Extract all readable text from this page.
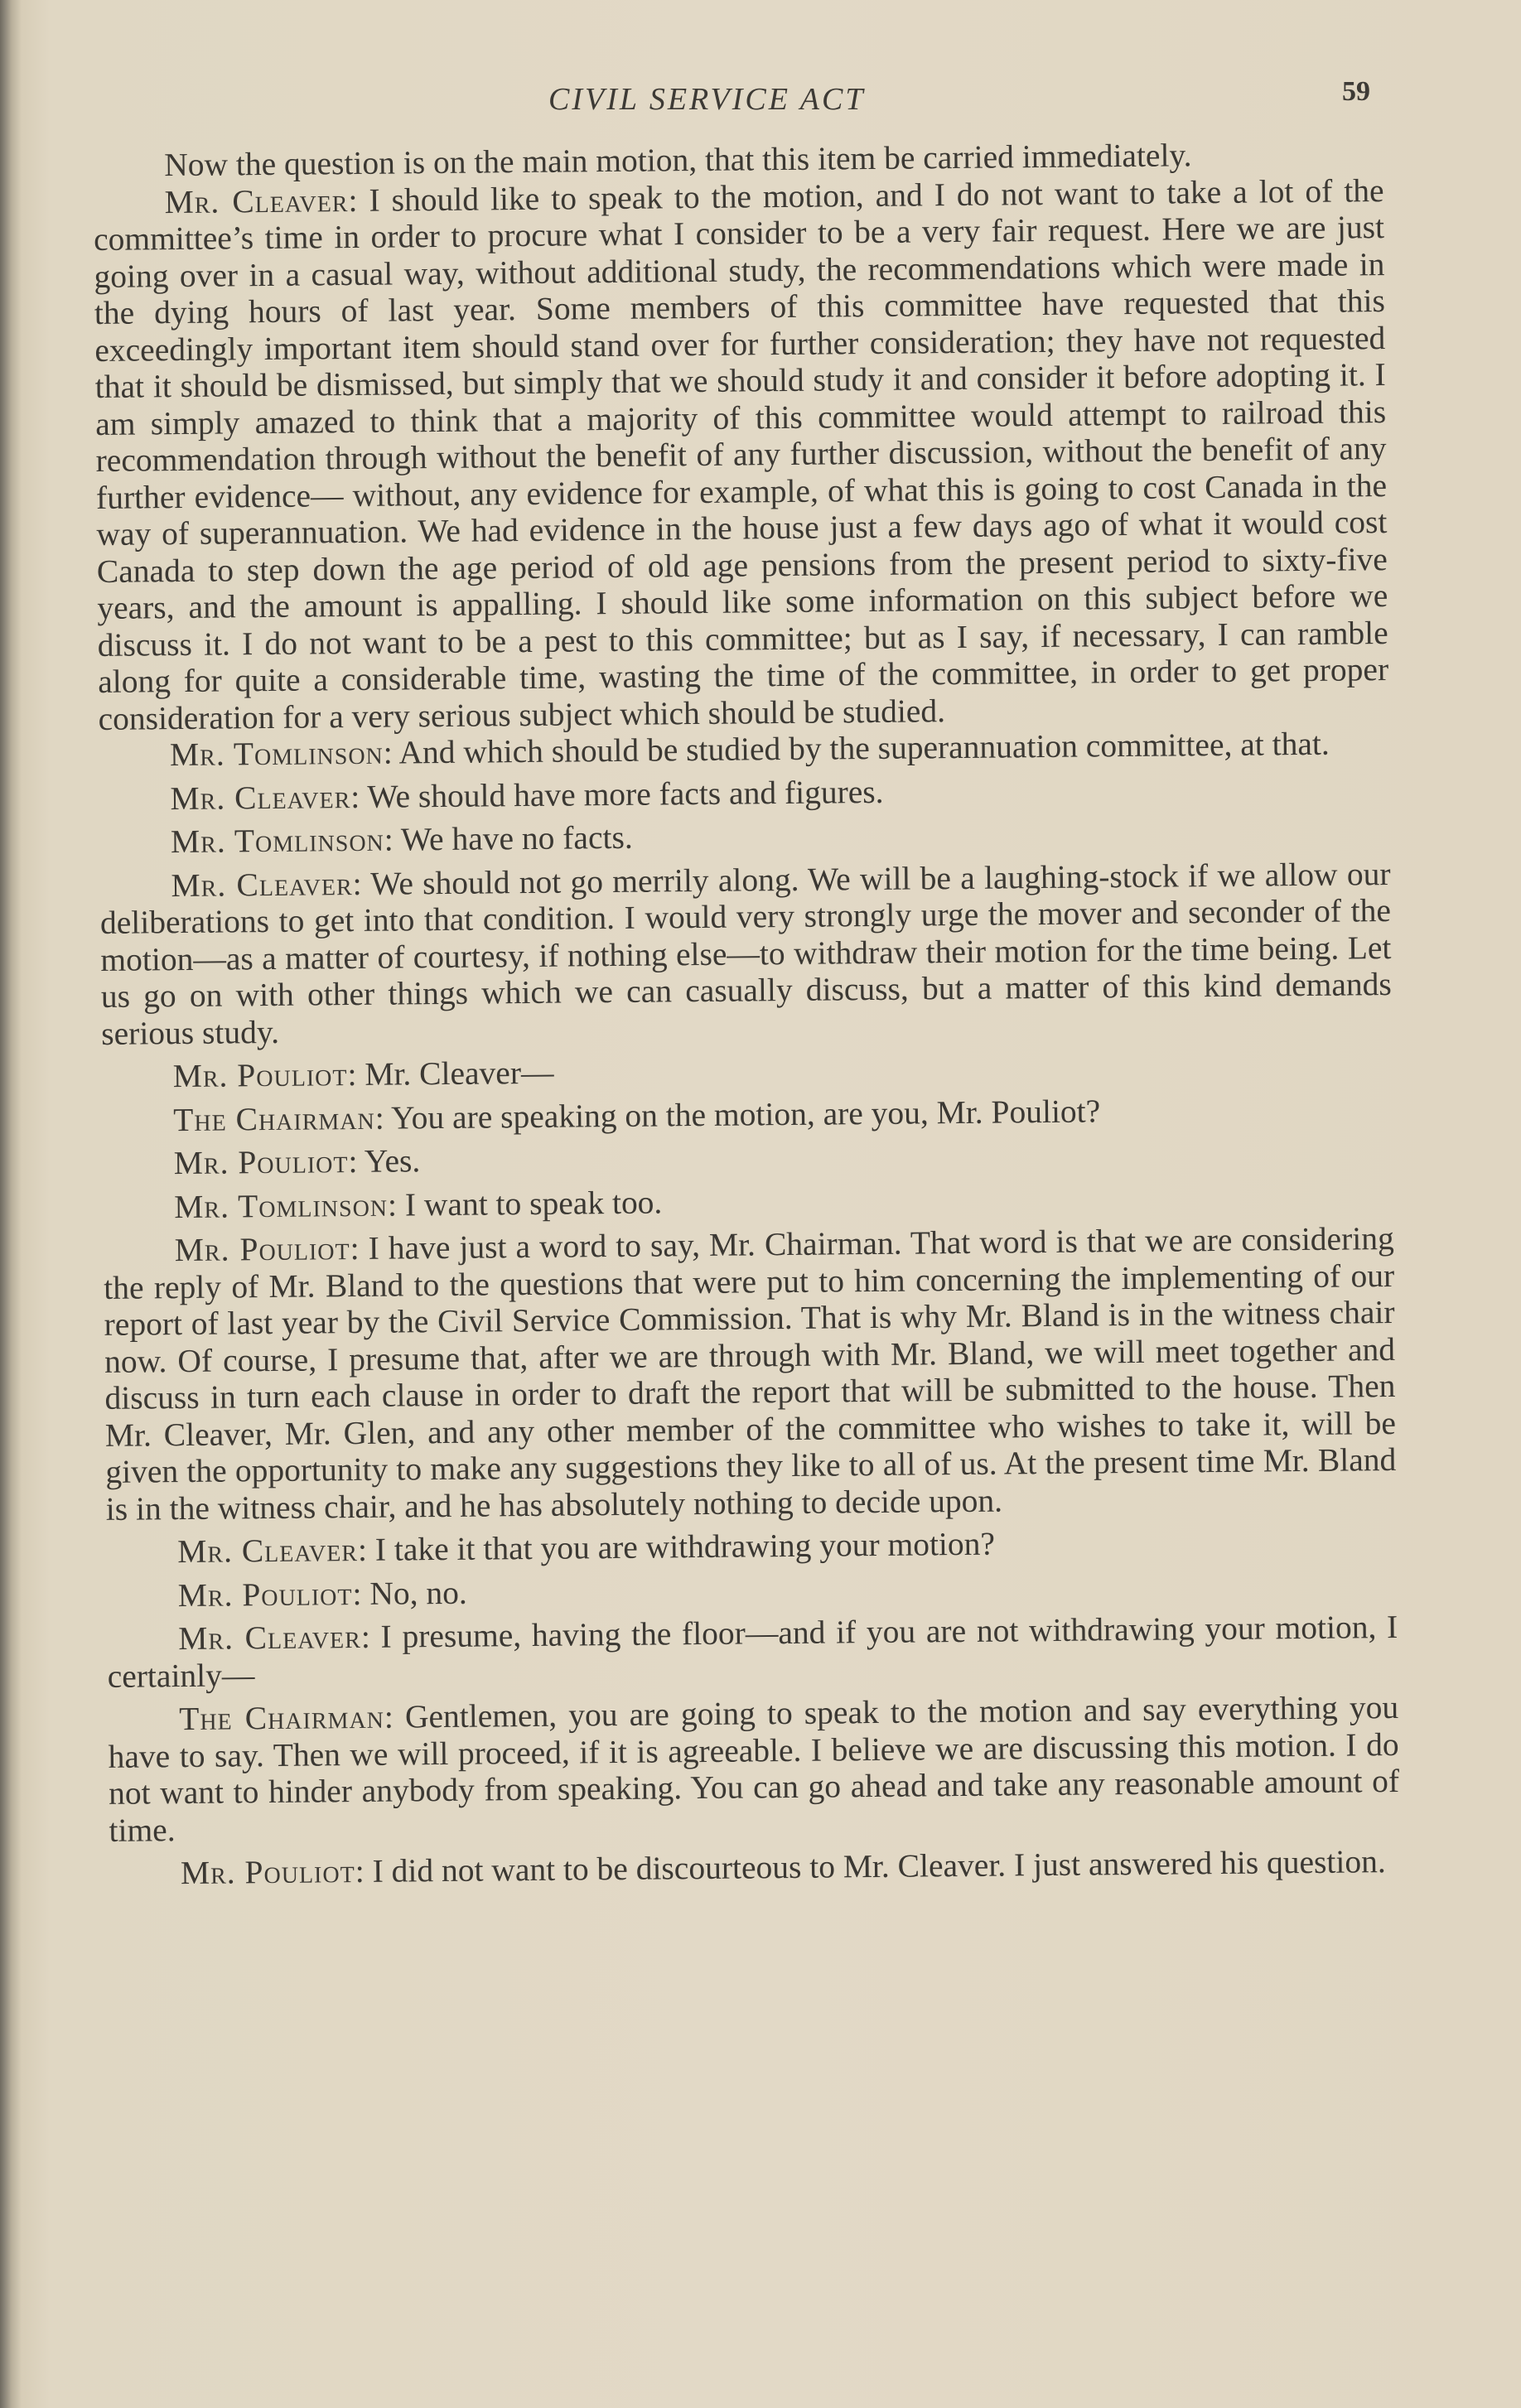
CIVIL SERVICE ACT	59

Now the question is on the main motion, that this item be carried immediately.

Mr. Cleaver: I should like to speak to the motion, and I do not want to take a lot of the committee’s time in order to procure what I consider to be a very fair request. Here we are just going over in a casual way, without additional study, the recommendations which were made in the dying hours of last year. Some members of this committee have requested that this exceedingly important item should stand over for further consideration; they have not requested that it should be dismissed, but simply that we should study it and consider it before adopting it. I am simply amazed to think that a majority of this committee would attempt to railroad this recommendation through without the benefit of any further discussion, without the benefit of any further evidence— without, any evidence for example, of what this is going to cost Canada in the way of superannuation. We had evidence in the house just a few days ago of what it would cost Canada to step down the age period of old age pensions from the present period to sixty-five years, and the amount is appalling. I should like some information on this subject before we discuss it. I do not want to be a pest to this committee; but as I say, if necessary, I can ramble along for quite a considerable time, wasting the time of the committee, in order to get proper consideration for a very serious subject which should be studied.

Mr. Tomlinson: And which should be studied by the superannuation committee, at that.

Mr. Cleaver: We should have more facts and figures.

Mr. Tomlinson: We have no facts.

Mr. Cleaver: We should not go merrily along. We will be a laughing-stock if we allow our deliberations to get into that condition. I would very strongly urge the mover and seconder of the motion—as a matter of courtesy, if nothing else—to withdraw their motion for the time being. Let us go on with other things which we can casually discuss, but a matter of this kind demands serious study.

Mr. Pouliot: Mr. Cleaver—

The Chairman: You are speaking on the motion, are you, Mr. Pouliot?

Mr. Pouliot: Yes.

Mr. Tomlinson: I want to speak too.

Mr. Pouliot: I have just a word to say, Mr. Chairman. That word is that we are considering the reply of Mr. Bland to the questions that were put to him concerning the implementing of our report of last year by the Civil Service Commission. That is why Mr. Bland is in the witness chair now. Of course, I presume that, after we are through with Mr. Bland, we will meet together and discuss in turn each clause in order to draft the report that will be submitted to the house. Then Mr. Cleaver, Mr. Glen, and any other member of the committee who wishes to take it, will be given the opportunity to make any suggestions they like to all of us. At the present time Mr. Bland is in the witness chair, and he has absolutely nothing to decide upon.

Mr. Cleaver: I take it that you are withdrawing your motion?

Mr. Pouliot: No, no.

Mr. Cleaver: I presume, having the floor—and if you are not withdrawing your motion, I certainly—

The Chairman: Gentlemen, you are going to speak to the motion and say everything you have to say. Then we will proceed, if it is agreeable. I believe we are discussing this motion. I do not want to hinder anybody from speaking. You can go ahead and take any reasonable amount of time.

Mr. Pouliot: I did not want to be discourteous to Mr. Cleaver. I just answered his question.
